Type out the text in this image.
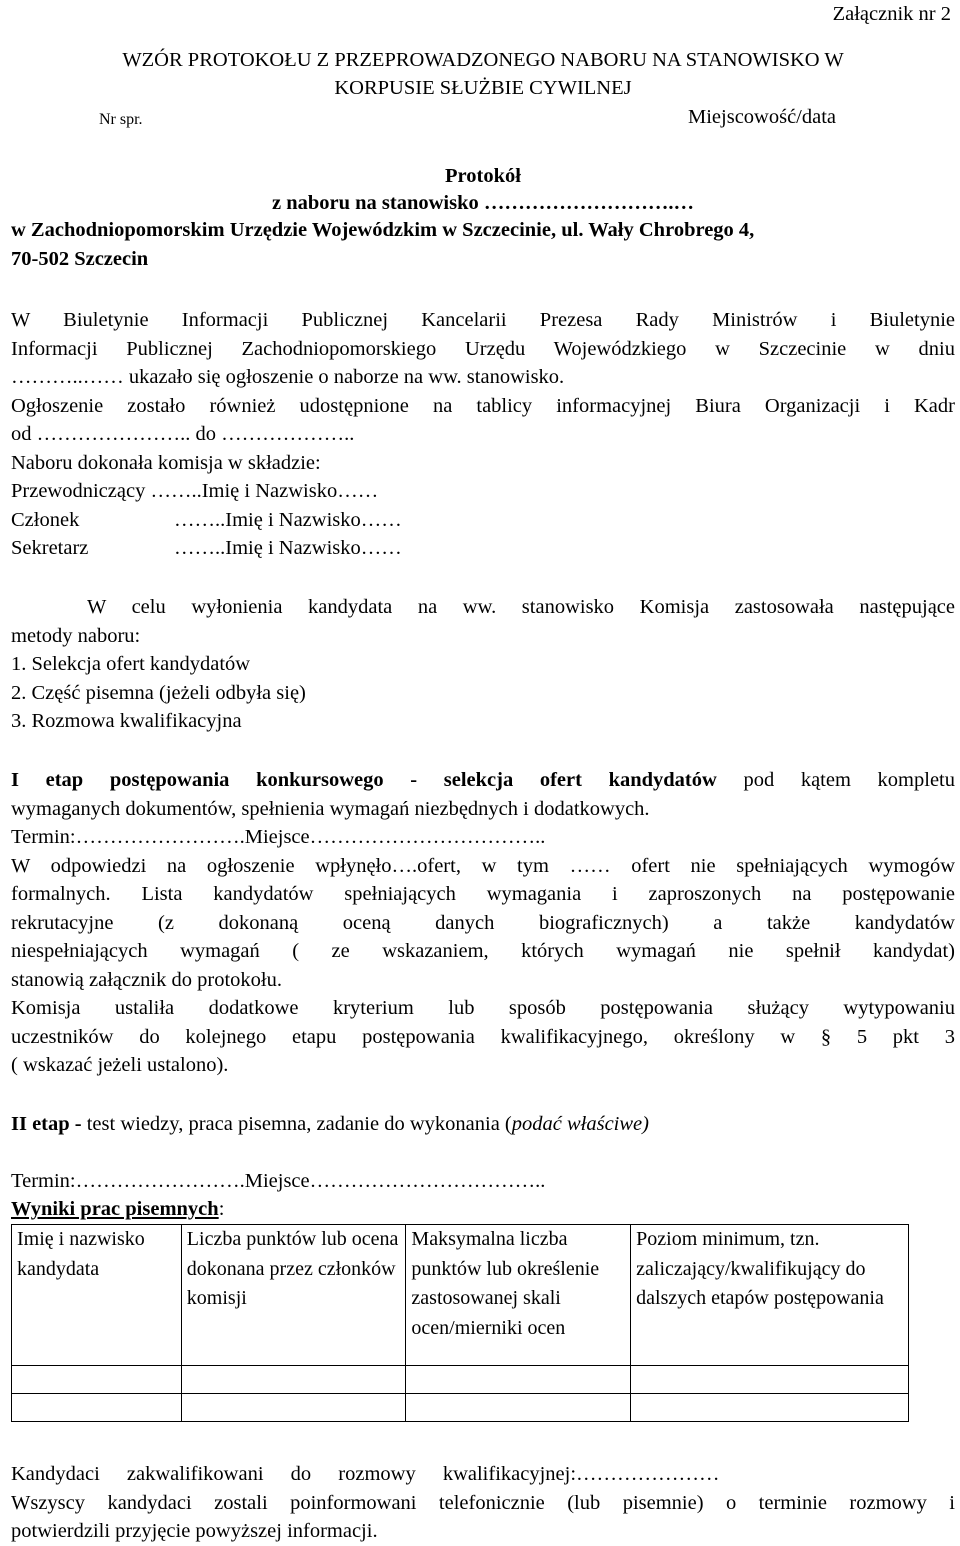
Załącznik nr 2
WZÓR PROTOKOŁU Z PRZEPROWADZONEGO NABORU NA STANOWISKO W
KORPUSIE SŁUŻBIE CYWILNEJ
Nr spr.	Miejscowość/data
Protokół
z naboru na stanowisko ……………………….…
w Zachodniopomorskim Urzędzie Wojewódzkim w Szczecinie, ul. Wały Chrobrego 4,
70-502 Szczecin
W Biuletynie Informacji Publicznej Kancelarii Prezesa Rady Ministrów i Biuletynie
Informacji Publicznej Zachodniopomorskiego Urzędu Wojewódzkiego w Szczecinie w dniu
………..…… ukazało się ogłoszenie o naborze na ww. stanowisko.
Ogłoszenie zostało również udostępnione na tablicy informacyjnej Biura Organizacji i Kadr
od ………………….. do ………………..
Naboru dokonała komisja w składzie:
Przewodniczący ……..Imię i Nazwisko……
Członek	……..Imię i Nazwisko……
Sekretarz	……..Imię i Nazwisko……
W celu wyłonienia kandydata na ww. stanowisko Komisja zastosowała następujące
metody naboru:
1. Selekcja ofert kandydatów
2. Część pisemna (jeżeli odbyła się)
3. Rozmowa kwalifikacyjna
I etap postępowania konkursowego - selekcja ofert kandydatów pod kątem kompletu
wymaganych dokumentów, spełnienia wymagań niezbędnych i dodatkowych.
Termin:…………………….Miejsce……………………………..
W odpowiedzi na ogłoszenie wpłynęło….ofert, w tym …… ofert nie spełniających wymogów
formalnych. Lista kandydatów spełniających wymagania i zaproszonych na postępowanie
rekrutacyjne (z dokonaną oceną danych biograficznych) a także kandydatów
niespełniających wymagań ( ze wskazaniem, których wymagań nie spełnił kandydat)
stanowią załącznik do protokołu.
Komisja ustaliła dodatkowe kryterium lub sposób postępowania służący wytypowaniu
uczestników do kolejnego etapu postępowania kwalifikacyjnego, określony w § 5 pkt 3
( wskazać jeżeli ustalono).
II etap - test wiedzy, praca pisemna, zadanie do wykonania (podać właściwe)
Termin:…………………….Miejsce……………………………..
Wyniki prac pisemnych:
Imię i nazwisko kandydata	Liczba punktów lub ocena dokonana przez członków komisji	Maksymalna liczba punktów lub określenie zastosowanej skali ocen/mierniki ocen	Poziom minimum, tzn. zaliczający/kwalifikujący do dalszych etapów postępowania

Kandydaci zakwalifikowani do rozmowy kwalifikacyjnej:…………………
Wszyscy kandydaci zostali poinformowani telefonicznie (lub pisemnie) o terminie rozmowy i
potwierdzili przyjęcie powyższej informacji.
